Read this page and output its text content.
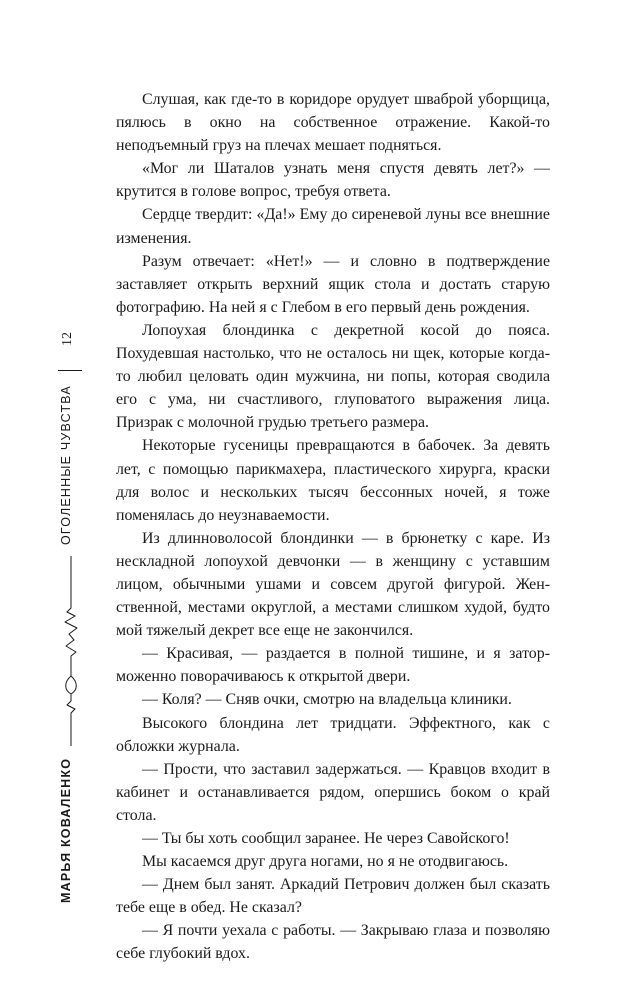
Слушая, как где-то в коридоре орудует шваброй уборщица, пялюсь в окно на собственное отражение. Какой-то неподъемный груз на плечах мешает подняться.

«Мог ли Шаталов узнать меня спустя девять лет?» — крутится в голове вопрос, требуя ответа.

Сердце твердит: «Да!» Ему до сиреневой луны все внешние изменения.

Разум отвечает: «Нет!» — и словно в подтверждение заставляет открыть верхний ящик стола и достать старую фотографию. На ней я с Глебом в его первый день рождения.

Лопоухая блондинка с декретной косой до пояса. Похудевшая настолько, что не осталось ни щек, которые когда-то любил целовать один мужчина, ни попы, которая сводила его с ума, ни счастливого, глуповатого выражения лица. Призрак с молочной грудью третьего размера.

Некоторые гусеницы превращаются в бабочек. За девять лет, с помощью парикмахера, пластического хирурга, краски для волос и нескольких тысяч бессонных ночей, я тоже поменялась до неузнаваемости.

Из длинноволосой блондинки — в брюнетку с каре. Из нескладной лопоухой девчонки — в женщину с уставшим лицом, обычными ушами и совсем другой фигурой. Женственной, местами округлой, а местами слишком худой, будто мой тяжелый декрет все еще не закончился.

— Красивая, — раздается в полной тишине, и я заторможенно поворачиваюсь к открытой двери.

— Коля? — Сняв очки, смотрю на владельца клиники.

Высокого блондина лет тридцати. Эффектного, как с обложки журнала.

— Прости, что заставил задержаться. — Кравцов входит в кабинет и останавливается рядом, опершись боком о край стола.

— Ты бы хоть сообщил заранее. Не через Савойского!

Мы касаемся друг друга ногами, но я не отодвигаюсь.

— Днем был занят. Аркадий Петрович должен был сказать тебе еще в обед. Не сказал?

— Я почти уехала с работы. — Закрываю глаза и позволяю себе глубокий вдох.

12
ОГОЛЕННЫЕ ЧУВСТВА
МАРЬЯ КОВАЛЕНКО
